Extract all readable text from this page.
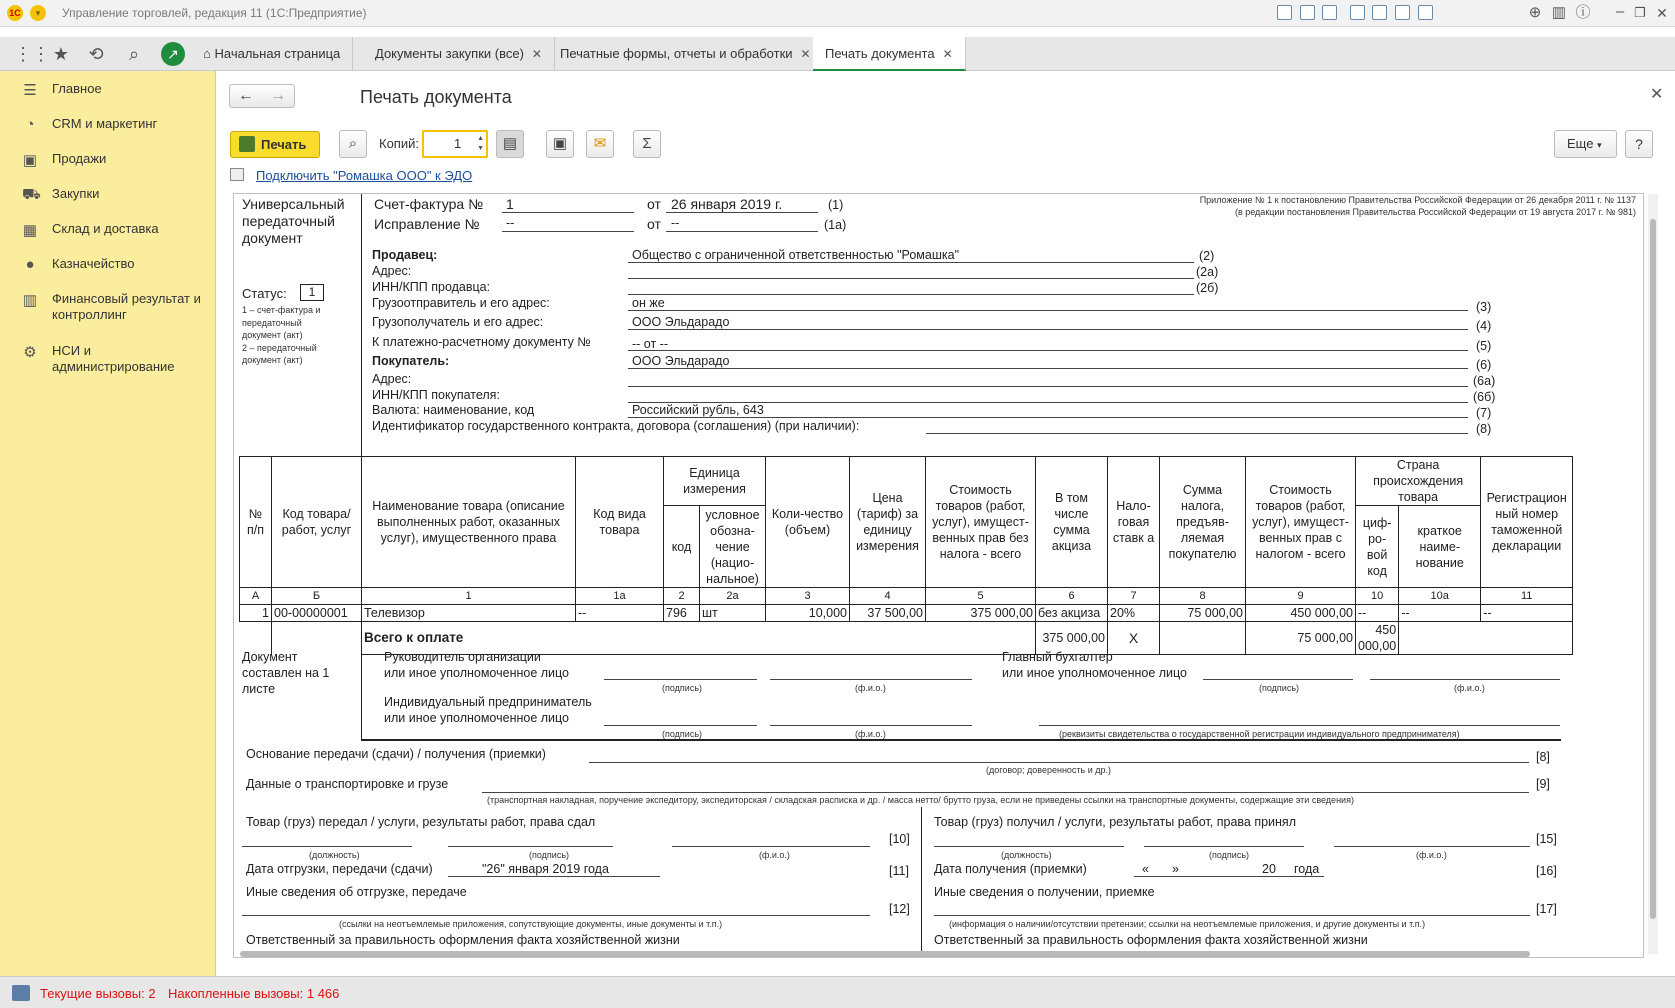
1С	▾	Управление торговлей, редакция 11 (1С:Предприятие)	⊕ ▥ ⓘ	– ❐ ✕
⋮⋮ ★ ⟲ ⌕	↗	⌂ Начальная страница	Документы закупки (все) ✕	Печатные формы, отчеты и обработки ✕	Печать документа ✕
☰ Главное
◔ CRM и маркетинг
▣ Продажи
⛟ Закупки
▦ Склад и доставка
● Казначейство
▥ Финансовый результат и контроллинг
⚙ НСИ и администрирование
← →	Печать документа	✕
Печать	⌕	Копий:	1 ▲
▼	▤	▣	✉	Σ	Еще ▾	?
Подключить "Ромашка ООО" к ЭДО
Универсальный
передаточный
документ
Статус:	1
1 – счет-фактура и
передаточный
документ (акт)
2 – передаточный
документ (акт)
Счет-фактура № 1	от 26 января 2019 г.	(1)
Исправление № --	от --	(1а)
Приложение № 1 к постановлению Правительства Российской Федерации от 26 декабря 2011 г. № 1137
(в редакции постановления Правительства Российской Федерации от 19 августа 2017 г. № 981)
Продавец:	Общество с ограниченной ответственностью "Ромашка"	(2)
Адрес:	(2а)
ИНН/КПП продавца:	(2б)
Грузоотправитель и его адрес:	он же	(3)
Грузополучатель и его адрес:	ООО Эльдарадо	(4)
К платежно-расчетному документу №	-- от --	(5)
Покупатель:	ООО Эльдарадо	(6)
Адрес:	(6а)
ИНН/КПП покупателя:	(6б)
Валюта: наименование, код	Российский рубль, 643	(7)
Идентификатор государственного контракта, договора (соглашения) (при наличии):	(8)
№ п/п	Код товара/ работ, услуг	Наименование товара (описание выполненных работ, оказанных услуг), имущественного права	Код вида товара	Единица измерения		Коли-чество (объем)	Цена (тариф) за единицу измерения	Стоимость товаров (работ, услуг), имущест-венных прав без налога - всего	В том числе сумма акциза	Нало-говая ставк а	Сумма налога, предъяв-ляемая покупателю	Стоимость товаров (работ, услуг), имущест-венных прав с налогом - всего	Страна происхождения товара		Регистрацион ный номер таможенной декларации
				код	условное обозна-чение (нацио-нальное)								циф-ро-вой код	краткое наиме-нование	
А	Б	1	1а	2	2а	3	4	5	6	7	8	9	10	10а	11
1	00-00000001	Телевизор	--	796	шт	10,000	37 500,00	375 000,00	без акциза	20%	75 000,00	450 000,00	--	--	--
		Всего к оплате							375 000,00	X		75 000,00	450 000,00		
Документ
составлен на 1
листе
Руководитель организации
или иное уполномоченное лицо
(подпись)	(ф.и.о.)
Главный бухгалтер
или иное уполномоченное лицо
(подпись)	(ф.и.о.)
Индивидуальный предприниматель
или иное уполномоченное лицо
(подпись)	(ф.и.о.)	(реквизиты свидетельства о государственной регистрации индивидуального предпринимателя)
Основание передачи (сдачи) / получения (приемки)	[8]
(договор; доверенность и др.)
Данные о транспортировке и грузе	[9]
(транспортная накладная, поручение экспедитору, экспедиторская / складская расписка и др. / масса нетто/ брутто груза, если не приведены ссылки на транспортные документы, содержащие эти сведения)
Товар (груз) передал / услуги, результаты работ, права сдал
[10]
(должность)	(подпись)	(ф.и.о.)
Дата отгрузки, передачи (сдачи)	"26" января 2019 года	[11]
Иные сведения об отгрузке, передаче
[12]
(ссылки на неотъемлемые приложения, сопутствующие документы, иные документы и т.п.)
Ответственный за правильность оформления факта хозяйственной жизни
Товар (груз) получил / услуги, результаты работ, права принял
[15]
(должность)	(подпись)	(ф.и.о.)
Дата получения (приемки)	« »	20 года	[16]
Иные сведения о получении, приемке
[17]
(информация о наличии/отсутствии претензии; ссылки на неотъемлемые приложения, и другие документы и т.п.)
Ответственный за правильность оформления факта хозяйственной жизни
Текущие вызовы: 2 Накопленные вызовы: 1 466
